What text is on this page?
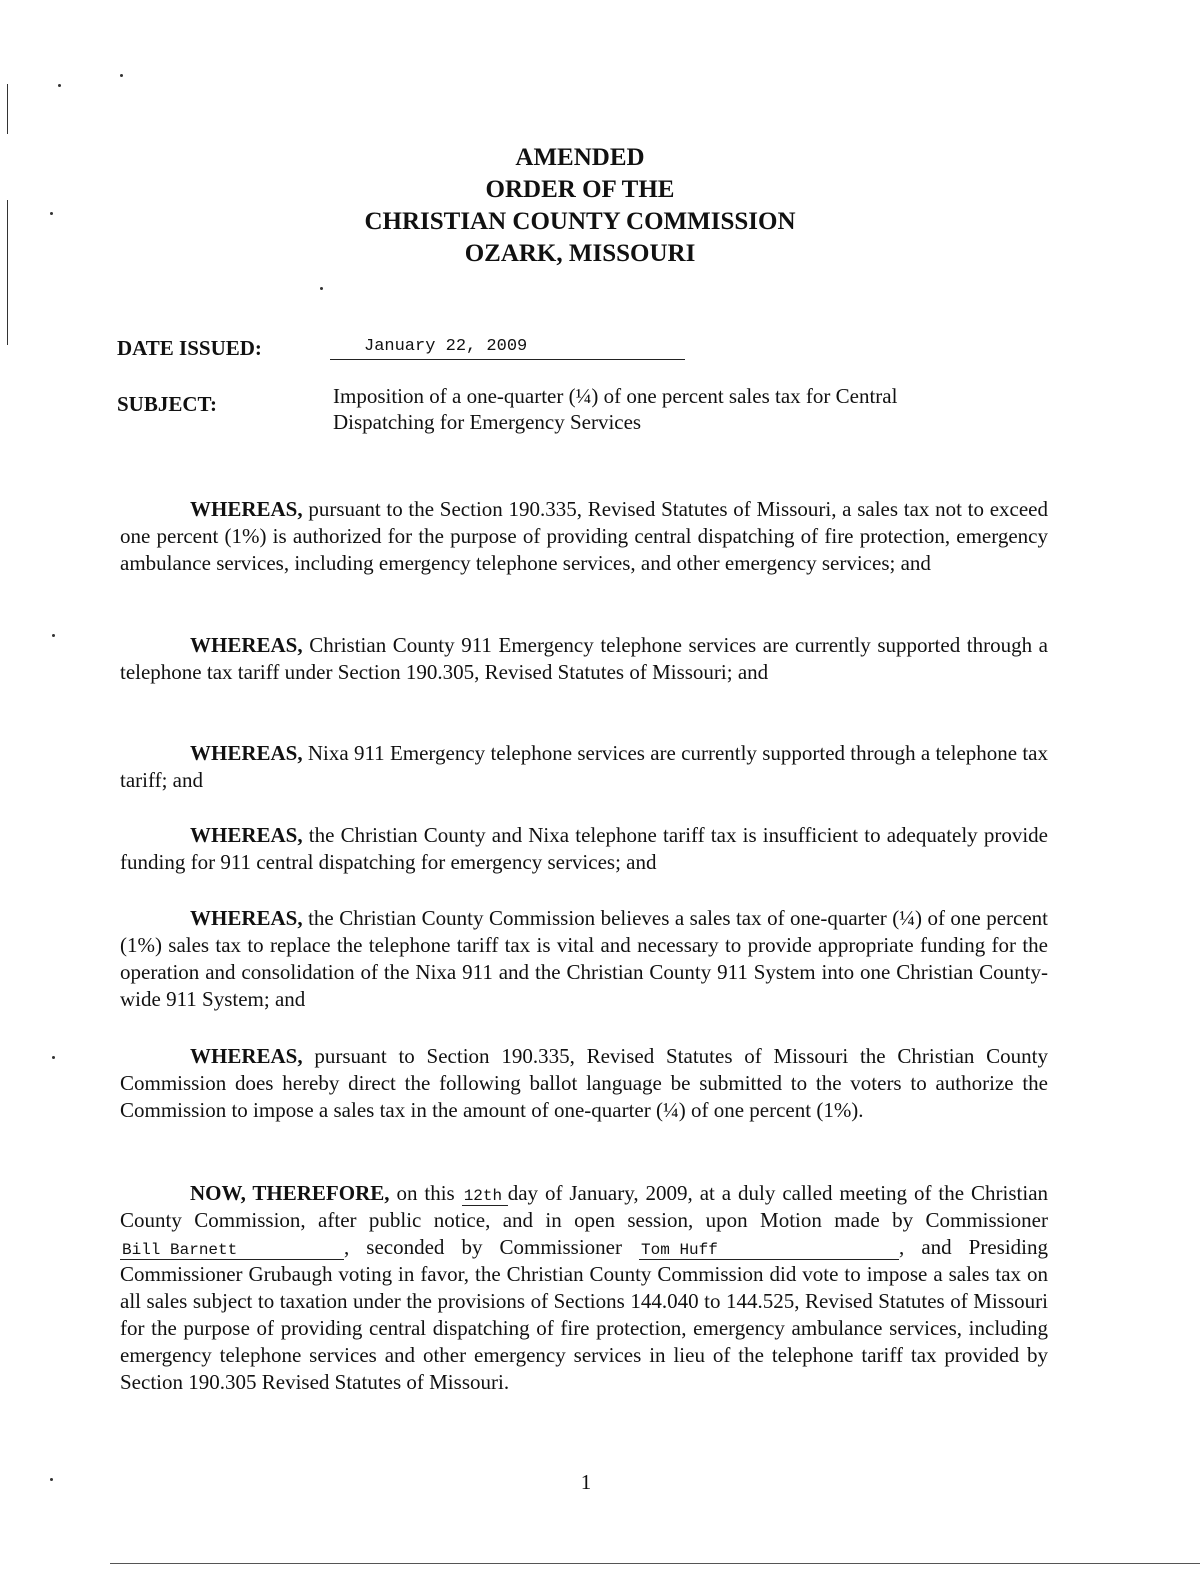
AMENDED
ORDER OF THE
CHRISTIAN COUNTY COMMISSION
OZARK, MISSOURI
DATE ISSUED:	January 22, 2009
SUBJECT:	Imposition of a one-quarter (¼) of one percent sales tax for Central Dispatching for Emergency Services
WHEREAS, pursuant to the Section 190.335, Revised Statutes of Missouri, a sales tax not to exceed one percent (1%) is authorized for the purpose of providing central dispatching of fire protection, emergency ambulance services, including emergency telephone services, and other emergency services; and
WHEREAS, Christian County 911 Emergency telephone services are currently supported through a telephone tax tariff under Section 190.305, Revised Statutes of Missouri; and
WHEREAS, Nixa 911 Emergency telephone services are currently supported through a telephone tax tariff; and
WHEREAS, the Christian County and Nixa telephone tariff tax is insufficient to adequately provide funding for 911 central dispatching for emergency services; and
WHEREAS, the Christian County Commission believes a sales tax of one-quarter (¼) of one percent (1%) sales tax to replace the telephone tariff tax is vital and necessary to provide appropriate funding for the operation and consolidation of the Nixa 911 and the Christian County 911 System into one Christian County-wide 911 System; and
WHEREAS, pursuant to Section 190.335, Revised Statutes of Missouri the Christian County Commission does hereby direct the following ballot language be submitted to the voters to authorize the Commission to impose a sales tax in the amount of one-quarter (¼) of one percent (1%).
NOW, THEREFORE, on this 12th day of January, 2009, at a duly called meeting of the Christian County Commission, after public notice, and in open session, upon Motion made by Commissioner Bill Barnett	, seconded by Commissioner Tom Huff	, and Presiding Commissioner Grubaugh voting in favor, the Christian County Commission did vote to impose a sales tax on all sales subject to taxation under the provisions of Sections 144.040 to 144.525, Revised Statutes of Missouri for the purpose of providing central dispatching of fire protection, emergency ambulance services, including emergency telephone services and other emergency services in lieu of the telephone tariff tax provided by Section 190.305 Revised Statutes of Missouri.
1
